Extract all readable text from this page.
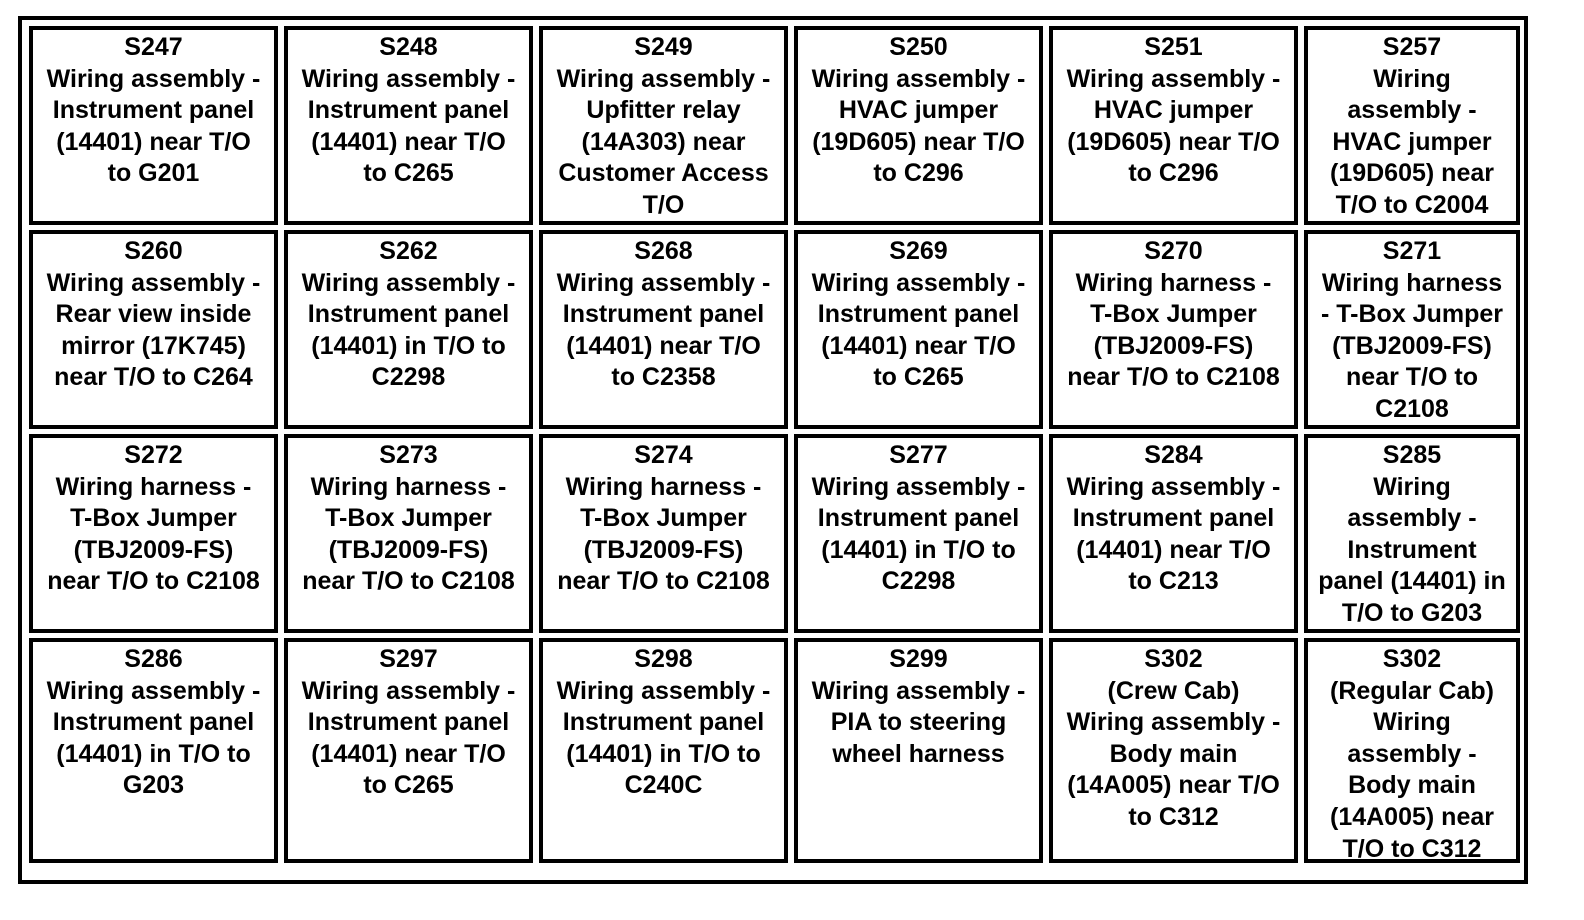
S247
Wiring assembly -
Instrument panel
(14401) near T/O
to G201
S248
Wiring assembly -
Instrument panel
(14401) near T/O
to C265
S249
Wiring assembly -
Upfitter relay
(14A303) near
Customer Access
T/O
S250
Wiring assembly -
HVAC jumper
(19D605) near T/O
to C296
S251
Wiring assembly -
HVAC jumper
(19D605) near T/O
to C296
S257
Wiring
assembly -
HVAC jumper
(19D605) near
T/O to C2004
S260
Wiring assembly -
Rear view inside
mirror (17K745)
near T/O to C264
S262
Wiring assembly -
Instrument panel
(14401) in T/O to
C2298
S268
Wiring assembly -
Instrument panel
(14401) near T/O
to C2358
S269
Wiring assembly -
Instrument panel
(14401) near T/O
to C265
S270
Wiring harness -
T-Box Jumper
(TBJ2009-FS)
near T/O to C2108
S271
Wiring harness
- T-Box Jumper
(TBJ2009-FS)
near T/O to
C2108
S272
Wiring harness -
T-Box Jumper
(TBJ2009-FS)
near T/O to C2108
S273
Wiring harness -
T-Box Jumper
(TBJ2009-FS)
near T/O to C2108
S274
Wiring harness -
T-Box Jumper
(TBJ2009-FS)
near T/O to C2108
S277
Wiring assembly -
Instrument panel
(14401) in T/O to
C2298
S284
Wiring assembly -
Instrument panel
(14401) near T/O
to C213
S285
Wiring
assembly -
Instrument
panel (14401) in
T/O to G203
S286
Wiring assembly -
Instrument panel
(14401) in T/O to
G203
S297
Wiring assembly -
Instrument panel
(14401) near T/O
to C265
S298
Wiring assembly -
Instrument panel
(14401) in T/O to
C240C
S299
Wiring assembly -
PIA to steering
wheel harness
S302
(Crew Cab)
Wiring assembly -
Body main
(14A005) near T/O
to C312
S302
(Regular Cab)
Wiring
assembly -
Body main
(14A005) near
T/O to C312
